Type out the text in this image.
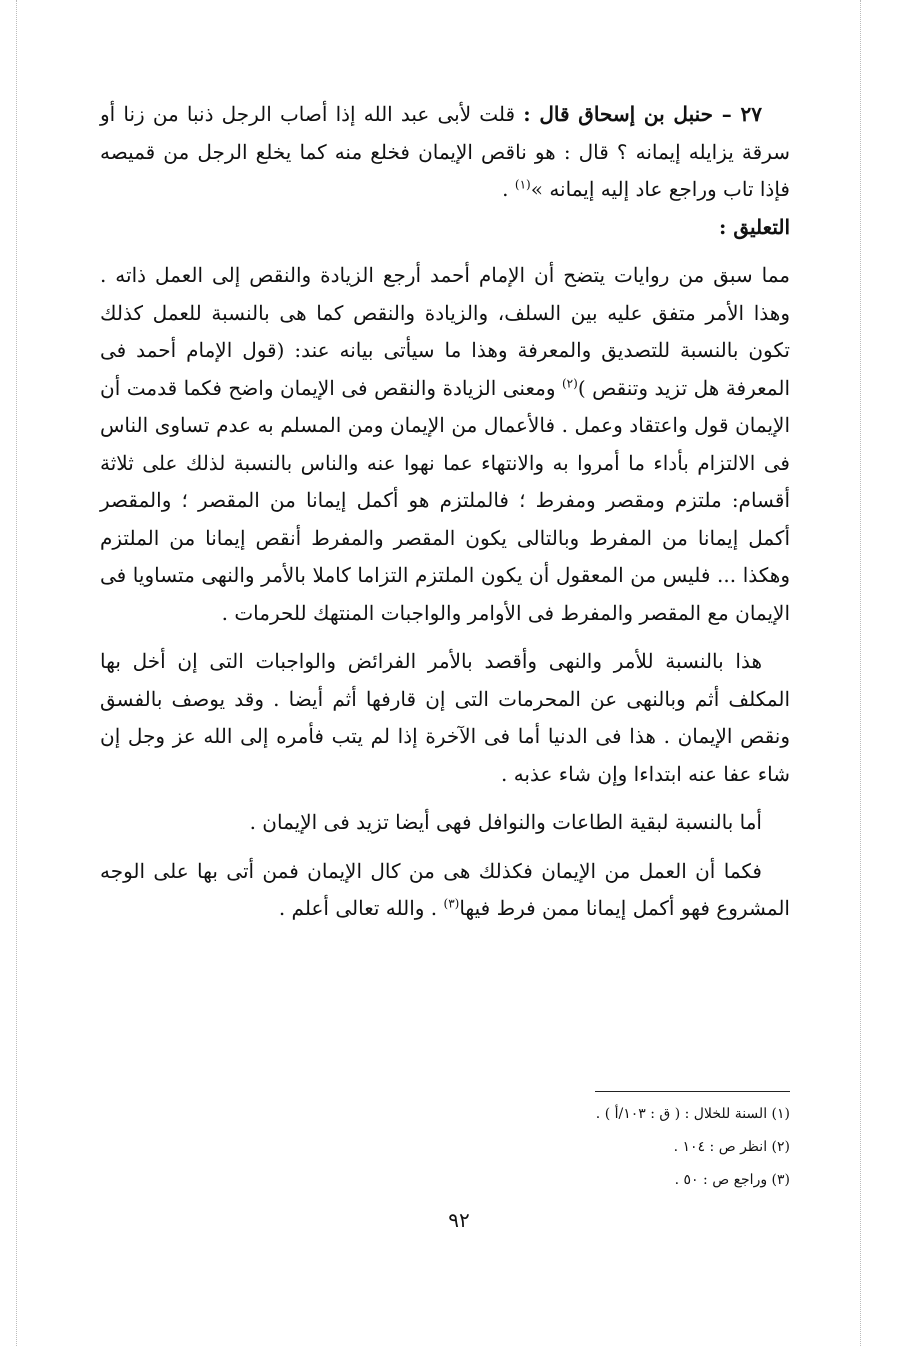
٢٧ – حنبل بن إسحاق قال : قلت لأبى عبد الله إذا أصاب الرجل ذنبا من زنا أو سرقة يزايله إيمانه ؟ قال : هو ناقص الإيمان فخلع منه كما يخلع الرجل من قميصه فإذا تاب وراجع عاد إليه إيمانه »$^{(١)}$ .

التعليق :

مما سبق من روايات يتضح أن الإمام أحمد أرجع الزيادة والنقص إلى العمل ذاته . وهذا الأمر متفق عليه بين السلف، والزيادة والنقص كما هى بالنسبة للعمل كذلك تكون بالنسبة للتصديق والمعرفة وهذا ما سيأتى بيانه عند: (قول الإمام أحمد فى المعرفة هل تزيد وتنقص )$^{(٢)}$ ومعنى الزيادة والنقص فى الإيمان واضح فكما قدمت أن الإيمان قول واعتقاد وعمل . فالأعمال من الإيمان ومن المسلم به عدم تساوى الناس فى الالتزام بأداء ما أمروا به والانتهاء عما نهوا عنه والناس بالنسبة لذلك على ثلاثة أقسام: ملتزم ومقصر ومفرط ؛ فالملتزم هو أكمل إيمانا من المقصر ؛ والمقصر أكمل إيمانا من المفرط وبالتالى يكون المقصر والمفرط أنقص إيمانا من الملتزم وهكذا ... فليس من المعقول أن يكون الملتزم التزاما كاملا بالأمر والنهى متساويا فى الإيمان مع المقصر والمفرط فى الأوامر والواجبات المنتهك للحرمات .

هذا بالنسبة للأمر والنهى وأقصد بالأمر الفرائض والواجبات التى إن أخل بها المكلف أثم وبالنهى عن المحرمات التى إن قارفها أثم أيضا . وقد يوصف بالفسق ونقص الإيمان . هذا فى الدنيا أما فى الآخرة إذا لم يتب فأمره إلى الله عز وجل إن شاء عفا عنه ابتداءا وإن شاء عذبه .

أما بالنسبة لبقية الطاعات والنوافل فهى أيضا تزيد فى الإيمان .

فكما أن العمل من الإيمان فكذلك هى من كال الإيمان فمن أتى بها على الوجه المشروع فهو أكمل إيمانا ممن فرط فيها$^{(٣)}$ . والله تعالى أعلم .

(١) السنة للخلال : ( ق : ١٠٣/أ ) .

(٢) انظر ص : ١٠٤ .

(٣) وراجع ص : ٥٠ .

٩٢
